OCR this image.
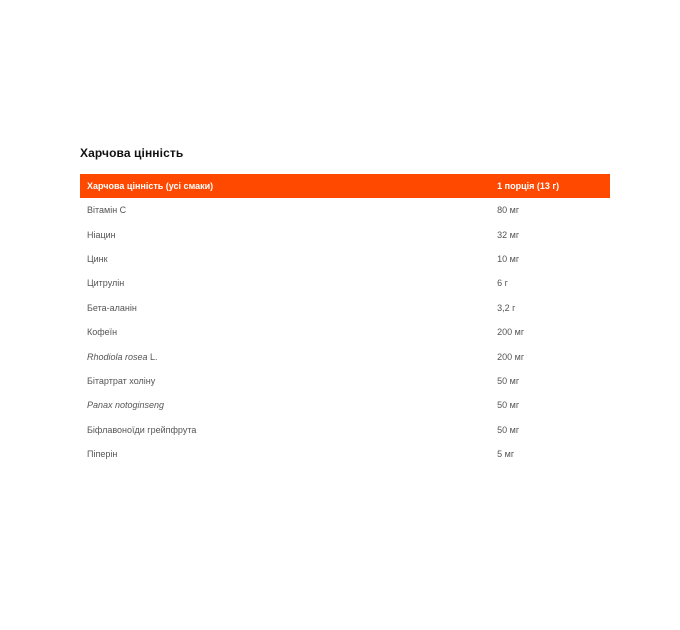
Харчова цінність
Харчова цінність (усі смаки)	1 порція (13 г)
Вітамін С	80 мг
Ніацин	32 мг
Цинк	10 мг
Цитрулін	6 г
Бета-аланін	3,2 г
Кофеїн	200 мг
Rhodiola rosea L.	200 мг
Бітартрат холіну	50 мг
Panax notoginseng	50 мг
Біфлавоноїди грейпфрута	50 мг
Піперін	5 мг
